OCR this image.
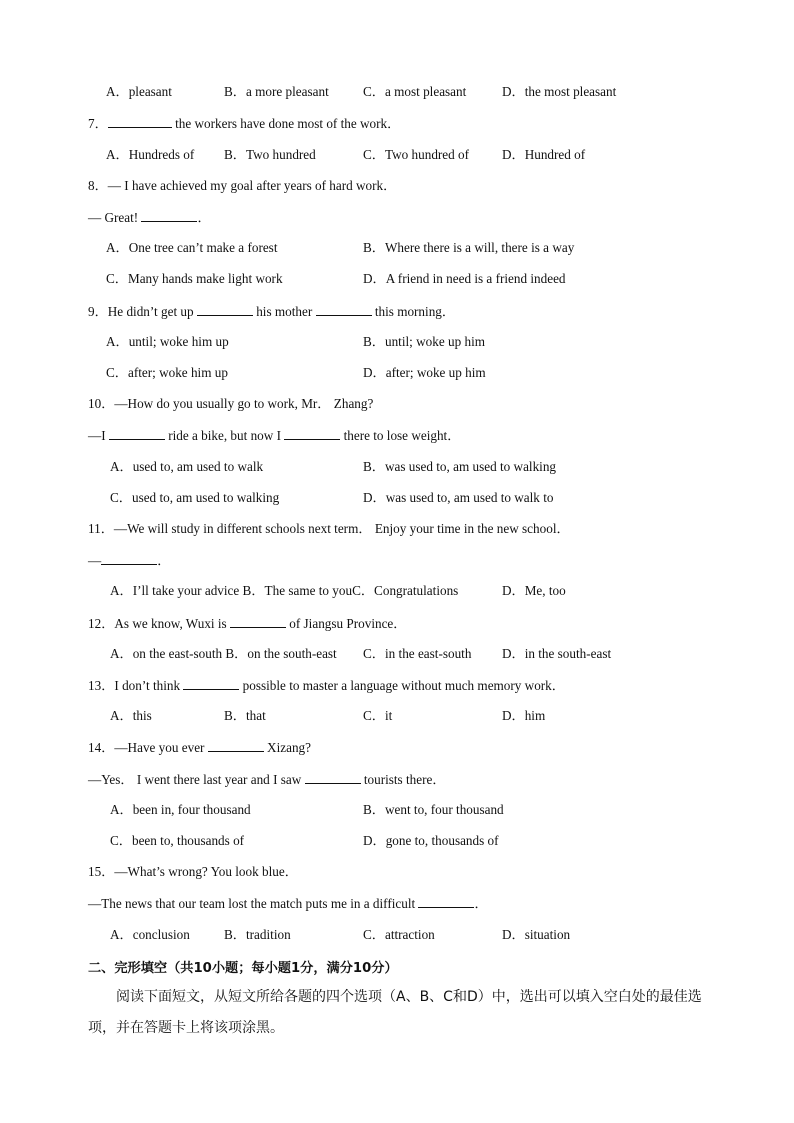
A．pleasant	B．a more pleasant	C．a most pleasant	D．the most pleasant
7．	the workers have done most of the work．
A．Hundreds of B．Two hundred	C．Two hundred of D．Hundred of
8．— I have achieved my goal after years of hard work．
— Great!	．
A．One tree can’t make a forest	B．Where there is a will, there is a way
C．Many hands make light work	D．A friend in need is a friend indeed
9．He didn’t get up	his mother	this morning．
A．until; woke him up	B．until; woke up him
C．after; woke him up	D．after; woke up him
10．—How do you usually go to work, Mr． Zhang?
—I	ride a bike, but now I	there to lose weight．
A．used to, am used to walk	B．was used to, am used to walking
C．used to, am used to walking	D．was used to, am used to walk to
11．—We will study in different schools next term． Enjoy your time in the new school．
—	．
A．I’ll take your advice B．The same to youC．Congratulations	D．Me, too
12．As we know, Wuxi is	of Jiangsu Province．
A．on the east-south B．on the south-east C．in the east-south D．in the south-east
13．I don’t think	possible to master a language without much memory work．
A．this	B．that	C．it	D．him
14．—Have you ever	Xizang?
—Yes． I went there last year and I saw	tourists there．
A．been in, four thousand	B．went to, four thousand
C．been to, thousands of	D．gone to, thousands of
15．—What’s wrong? You look blue．
—The news that our team lost the match puts me in a difficult	．
A．conclusion	B．tradition	C．attraction	D．situation
二、完形填空（共10小题；每小题1分，满分10分）
阅读下面短文，从短文所给各题的四个选项（A、B、C和D）中，选出可以填入空白处的最佳选项，并在答题卡上将该项涂黑。
